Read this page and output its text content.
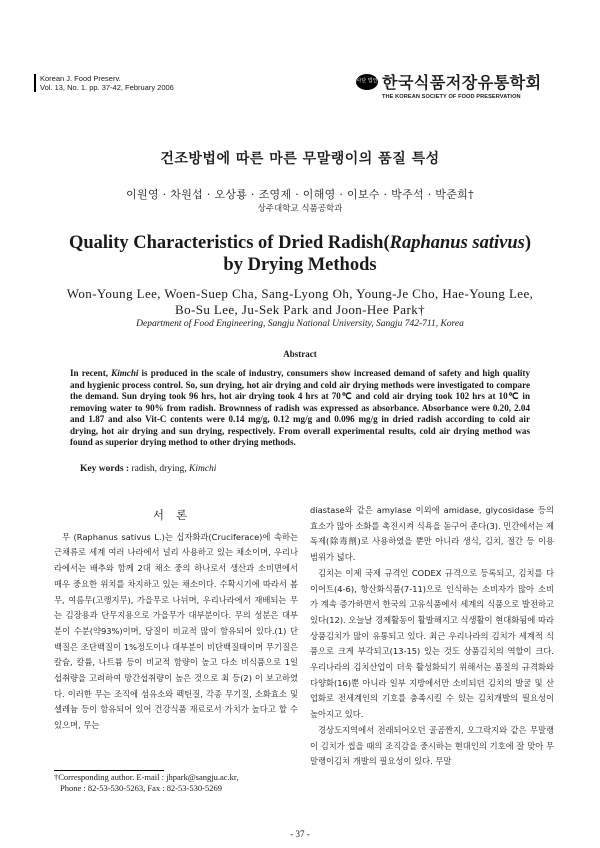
Korean J. Food Preserv.
Vol. 13, No. 1. pp. 37-42, February 2006
사단 법인 한국식품저장유통학회
THE KOREAN SOCIETY OF FOOD PRESERVATION
건조방법에 따른 마른 무말랭이의 품질 특성
이원영 · 차원섭 · 오상룡 · 조영제 · 이해영 · 이보수 · 박주석 · 박준희†
상주대학교 식품공학과
Quality Characteristics of Dried Radish(Raphanus sativus)
by Drying Methods
Won-Young Lee, Woen-Suep Cha, Sang-Lyong Oh, Young-Je Cho, Hae-Young Lee,
Bo-Su Lee, Ju-Sek Park and Joon-Hee Park†
Department of Food Engineering, Sangju National University, Sangju 742-711, Korea
Abstract
In recent, Kimchi is produced in the scale of industry, consumers show increased demand of safety and high quality and hygienic process control. So, sun drying, hot air drying and cold air drying methods were investigated to compare the demand. Sun drying took 96 hrs, hot air drying took 4 hrs at 70℃ and cold air drying took 102 hrs at 10℃ in removing water to 90% from radish. Brownness of radish was expressed as absorbance. Absorbance were 0.20, 2.04 and 1.87 and also Vit-C contents were 0.14 mg/g, 0.12 mg/g and 0.096 mg/g in dried radish according to cold air drying, hot air drying and sun drying, respectively. From overall experimental results, cold air drying method was found as superior drying method to other drying methods.
Key words : radish, drying, Kimchi
서론

무 (Raphanus sativus L.)는 십자화과(Cruciferace)에 속하는 근채류로 세계 여러 나라에서 널리 사용하고 있는 채소이며, 우리나라에서는 배추와 함께 2대 채소 중의 하나로서 생산과 소비면에서 매우 중요한 위치를 차지하고 있는 채소이다. 수확시기에 따라서 봄무, 여름무(고랭지무), 가을무로 나뉘며, 우리나라에서 재배되는 무는 김장용과 단무지용으로 가을무가 대부분이다. 무의 성분은 대부분이 수분(약93%)이며, 당질이 비교적 많이 함유되어 있다.(1) 단백질은 조단백질이 1%정도이나 대부분이 비단백질태이며 무기질은 칼슘, 칼륨, 나트륨 등이 비교적 함량이 높고 다소 비식품으로 1일 섭취량을 고려하여 망간섭취량이 높은 것으로 최 등(2) 이 보고하였다. 이러한 무는 조직에 섬유소와 펙틴질, 각종 무기질, 소화효소 및 셀레늄 등이 함유되어 있어 건강식품 재료로서 가치가 높다고 할 수 있으며, 무는

diastase와 같은 amylase 이외에 amidase, glycosidase 등의 효소가 많아 소화를 촉진시켜 식욕을 돋구어 준다(3). 민간에서는 제독제(除毒劑)로 사용하였을 뿐만 아니라 생식, 김치, 절간 등 이용 범위가 넓다.

김치는 이제 국제 규격인 CODEX 규격으로 등록되고, 김치를 다이어트(4-6), 항산화식품(7-11)으로 인식하는 소비자가 많아 소비가 계속 증가하면서 한국의 고유식품에서 세계의 식품으로 발전하고 있다(12). 오늘날 경제활동이 활발해지고 식생활이 현대화됨에 따라 상품김치가 많이 유통되고 있다. 최근 우리나라의 김치가 세계적 식품으로 크게 부각되고(13-15) 있는 것도 상품김치의 역할이 크다. 우리나라의 김치산업이 더욱 활성화되기 위해서는 품질의 규격화와 다양화(16)뿐 아니라 일부 지방에서만 소비되던 김치의 발굴 및 산업화로 전세계인의 기호를 충족시킬 수 있는 김치개발의 필요성이 높아지고 있다.

경상도지역에서 전래되어오던 골곰짠지, 오그락지와 같은 무말랭이 김치가 씹을 때의 조직감을 중시하는 현대인의 기호에 잘 맞아 무말랭이김치 개발의 필요성이 있다. 무말

†Corresponding author. E-mail : jhpark@sangju.ac.kr,
Phone : 82-53-530-5263, Fax : 82-53-530-5269
- 37 -
